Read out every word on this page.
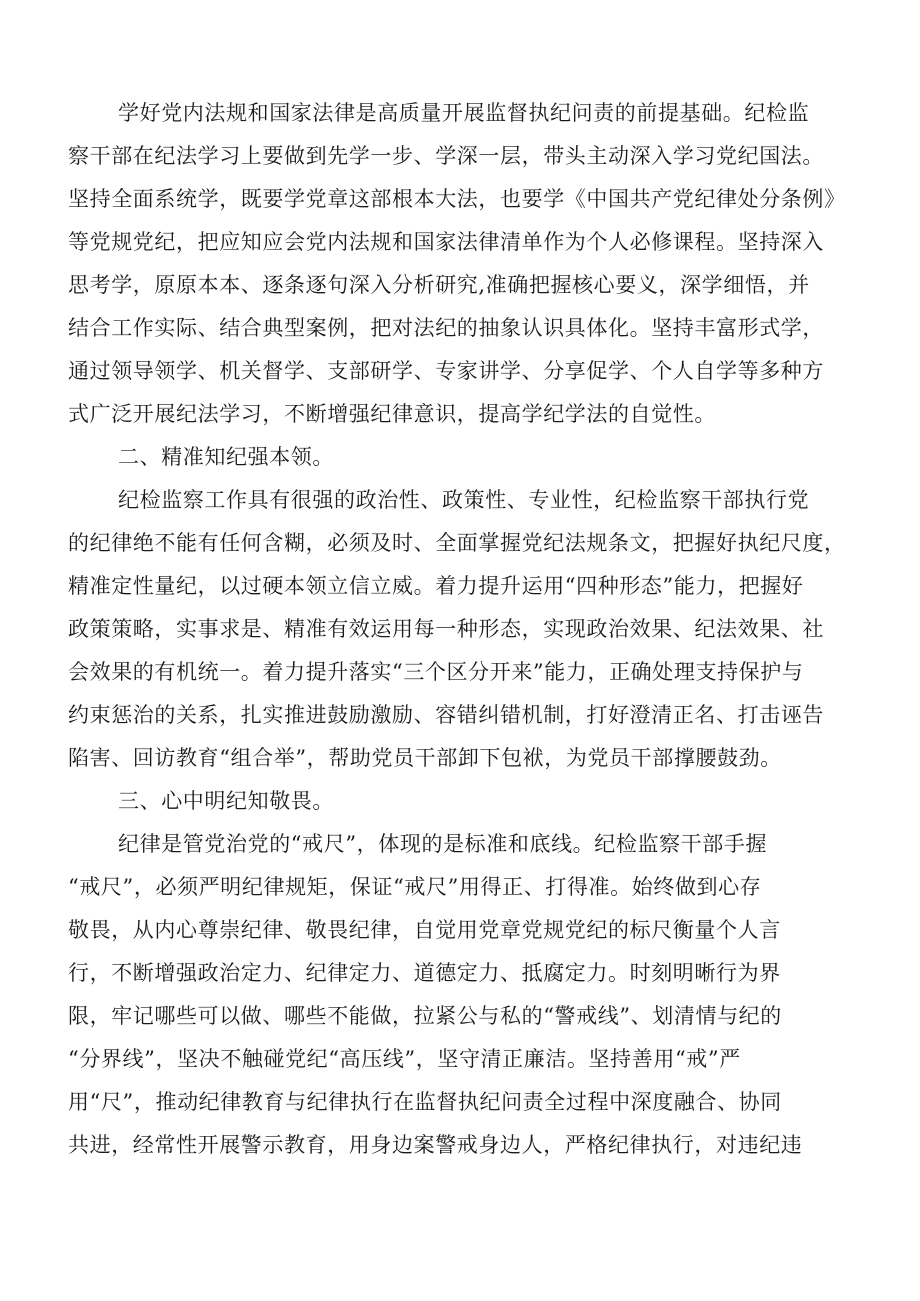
学好党内法规和国家法律是高质量开展监督执纪问责的前提基础。纪检监
察干部在纪法学习上要做到先学一步、学深一层，带头主动深入学习党纪国法。
坚持全面系统学，既要学党章这部根本大法，也要学《中国共产党纪律处分条例》
等党规党纪，把应知应会党内法规和国家法律清单作为个人必修课程。坚持深入
思考学，原原本本、逐条逐句深入分析研究,准确把握核心要义，深学细悟，并
结合工作实际、结合典型案例，把对法纪的抽象认识具体化。坚持丰富形式学，
通过领导领学、机关督学、支部研学、专家讲学、分享促学、个人自学等多种方
式广泛开展纪法学习，不断增强纪律意识，提高学纪学法的自觉性。
二、精准知纪强本领。
纪检监察工作具有很强的政治性、政策性、专业性，纪检监察干部执行党
的纪律绝不能有任何含糊，必须及时、全面掌握党纪法规条文，把握好执纪尺度，
精准定性量纪，以过硬本领立信立威。着力提升运用“四种形态”能力，把握好
政策策略，实事求是、精准有效运用每一种形态，实现政治效果、纪法效果、社
会效果的有机统一。着力提升落实“三个区分开来”能力，正确处理支持保护与
约束惩治的关系，扎实推进鼓励激励、容错纠错机制，打好澄清正名、打击诬告
陷害、回访教育“组合举”，帮助党员干部卸下包袱，为党员干部撑腰鼓劲。
三、心中明纪知敬畏。
纪律是管党治党的“戒尺”，体现的是标准和底线。纪检监察干部手握
“戒尺”，必须严明纪律规矩，保证“戒尺”用得正、打得准。始终做到心存
敬畏，从内心尊崇纪律、敬畏纪律，自觉用党章党规党纪的标尺衡量个人言
行，不断增强政治定力、纪律定力、道德定力、抵腐定力。时刻明晰行为界
限，牢记哪些可以做、哪些不能做，拉紧公与私的“警戒线”、划清情与纪的
“分界线”，坚决不触碰党纪“高压线”，坚守清正廉洁。坚持善用“戒”严
用“尺”，推动纪律教育与纪律执行在监督执纪问责全过程中深度融合、协同
共进，经常性开展警示教育，用身边案警戒身边人，严格纪律执行，对违纪违
